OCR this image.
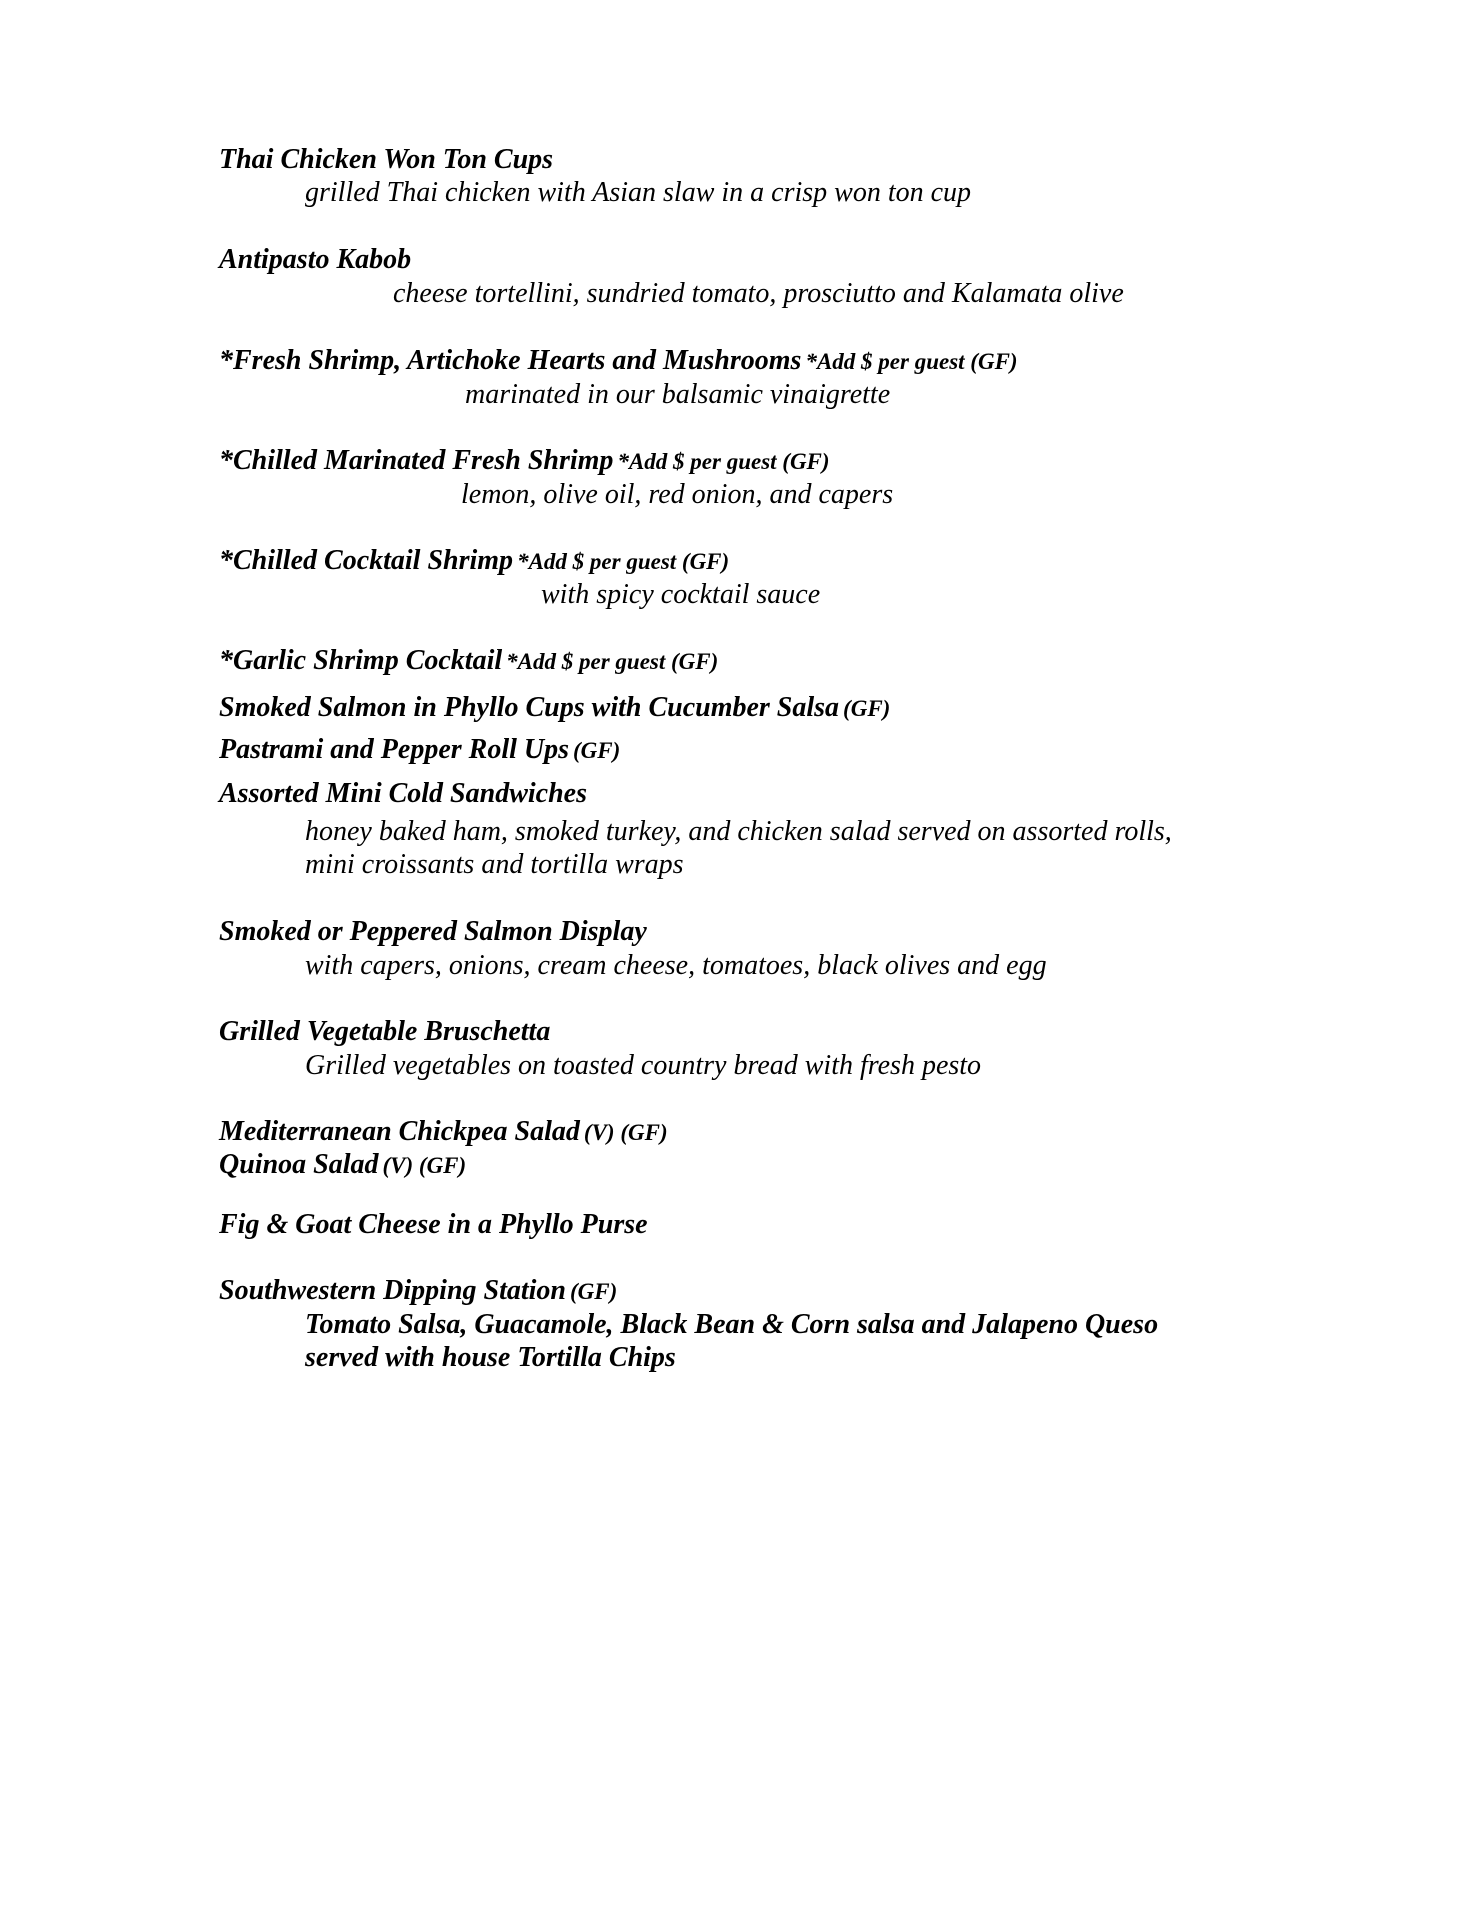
Thai Chicken Won Ton Cups
grilled Thai chicken with Asian slaw in a crisp won ton cup
Antipasto Kabob
cheese tortellini, sundried tomato, prosciutto and Kalamata olive
*Fresh Shrimp, Artichoke Hearts and Mushrooms *Add $ per guest (GF)
marinated in our balsamic vinaigrette
*Chilled Marinated Fresh Shrimp *Add $ per guest (GF)
lemon, olive oil, red onion, and capers
*Chilled Cocktail Shrimp *Add $ per guest (GF)
with spicy cocktail sauce
*Garlic Shrimp Cocktail *Add $ per guest (GF)
Smoked Salmon in Phyllo Cups with Cucumber Salsa (GF)
Pastrami and Pepper Roll Ups (GF)
Assorted Mini Cold Sandwiches
honey baked ham, smoked turkey, and chicken salad served on assorted rolls,
mini croissants and tortilla wraps
Smoked or Peppered Salmon Display
with capers, onions, cream cheese, tomatoes, black olives and egg
Grilled Vegetable Bruschetta
Grilled vegetables on toasted country bread with fresh pesto
Mediterranean Chickpea Salad (V) (GF)
Quinoa Salad (V) (GF)
Fig & Goat Cheese in a Phyllo Purse
Southwestern Dipping Station (GF)
Tomato Salsa, Guacamole, Black Bean & Corn salsa and Jalapeno Queso
served with house Tortilla Chips
